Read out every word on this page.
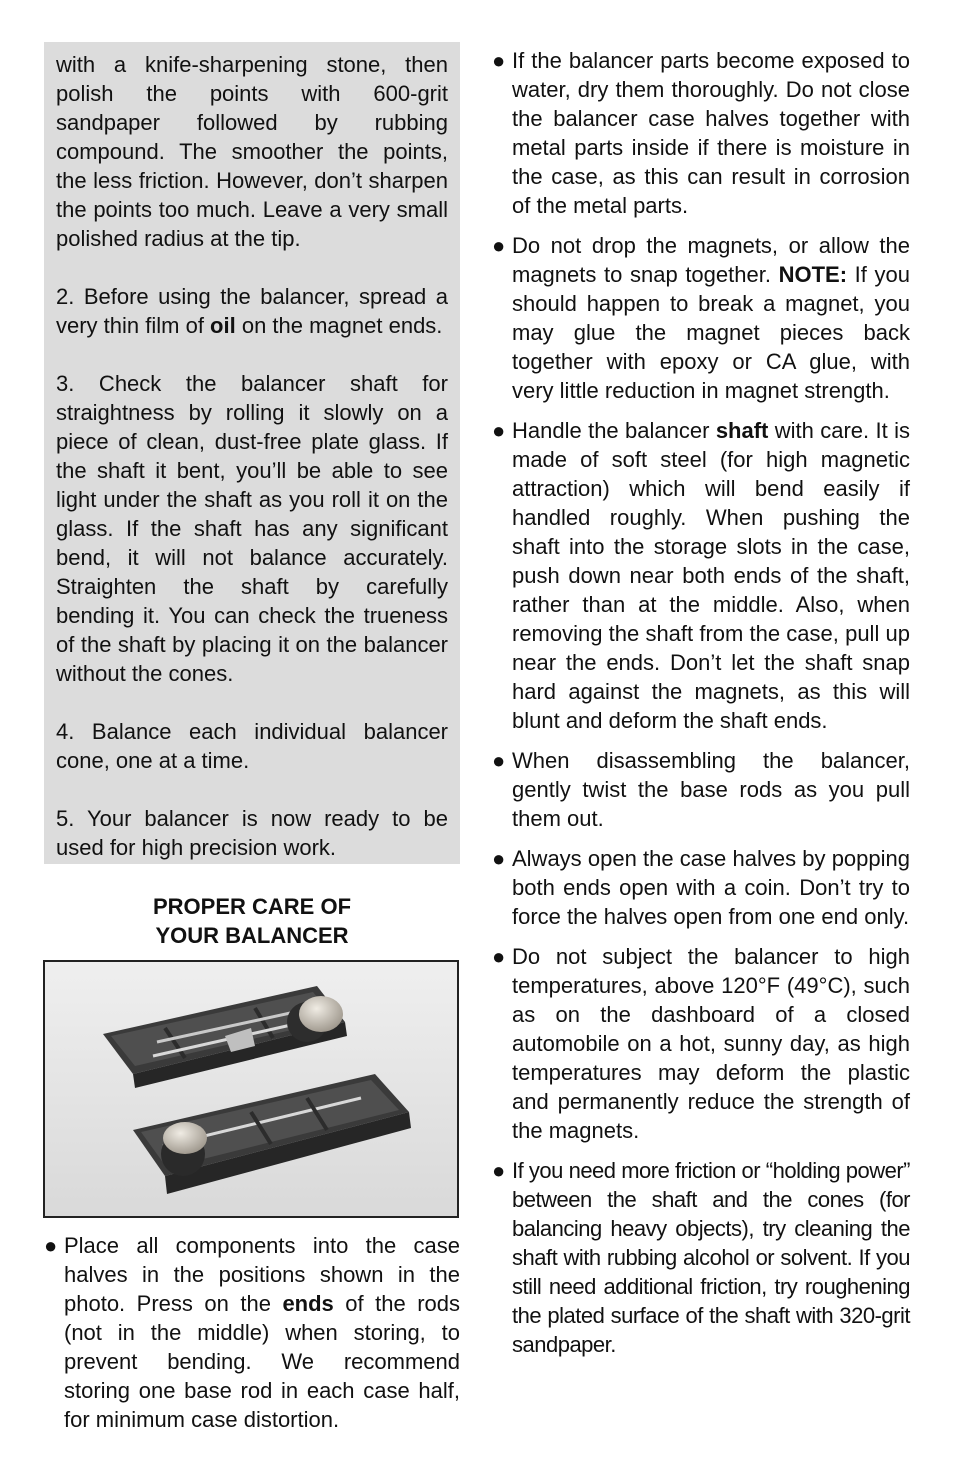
with a knife-sharpening stone, then polish the points with 600-grit sandpaper followed by rubbing compound. The smoother the points, the less friction. However, don’t sharpen the points too much. Leave a very small polished radius at the tip.

2. Before using the balancer, spread a very thin film of oil on the magnet ends.

3. Check the balancer shaft for straightness by rolling it slowly on a piece of clean, dust-free plate glass. If the shaft it bent, you’ll be able to see light under the shaft as you roll it on the glass. If the shaft has any significant bend, it will not balance accurately. Straighten the shaft by carefully bending it. You can check the trueness of the shaft by placing it on the balancer without the cones.

4. Balance each individual balancer cone, one at a time.

5. Your balancer is now ready to be used for high precision work.

PROPER CARE OF
YOUR BALANCER
● Place all components into the case halves in the positions shown in the photo. Press on the ends of the rods (not in the middle) when storing, to prevent bending. We recommend storing one base rod in each case half, for minimum case distortion.
● If the balancer parts become exposed to water, dry them thoroughly. Do not close the balancer case halves together with metal parts inside if there is moisture in the case, as this can result in corrosion of the metal parts.
● Do not drop the magnets, or allow the magnets to snap together. NOTE: If you should happen to break a magnet, you may glue the magnet pieces back together with epoxy or CA glue, with very little reduction in magnet strength.
● Handle the balancer shaft with care. It is made of soft steel (for high magnetic attraction) which will bend easily if handled roughly. When pushing the shaft into the storage slots in the case, push down near both ends of the shaft, rather than at the middle. Also, when removing the shaft from the case, pull up near the ends. Don’t let the shaft snap hard against the magnets, as this will blunt and deform the shaft ends.
● When disassembling the balancer, gently twist the base rods as you pull them out.
● Always open the case halves by popping both ends open with a coin. Don’t try to force the halves open from one end only.
● Do not subject the balancer to high temperatures, above 120°F (49°C), such as on the dashboard of a closed automobile on a hot, sunny day, as high temperatures may deform the plastic and permanently reduce the strength of the magnets.
● If you need more friction or “holding power” between the shaft and the cones (for balancing heavy objects), try cleaning the shaft with rubbing alcohol or solvent. If you still need additional friction, try roughening the plated surface of the shaft with 320-grit sandpaper.
